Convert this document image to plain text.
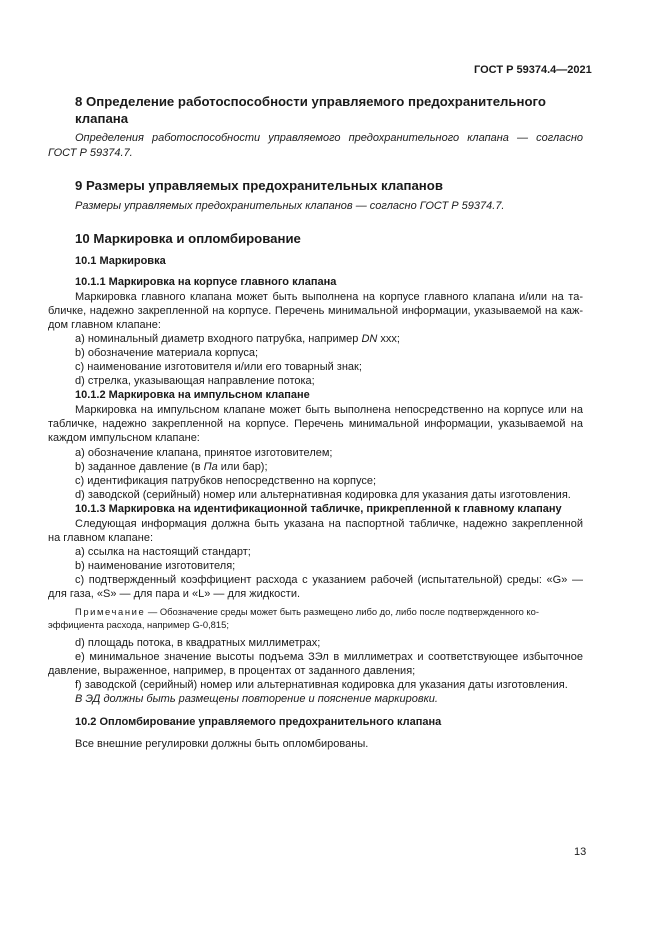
ГОСТ Р 59374.4—2021
8 Определение работоспособности управляемого предохранительного
клапана
Определения работоспособности управляемого предохранительного клапана — согласно
ГОСТ Р 59374.7.
9 Размеры управляемых предохранительных клапанов
Размеры управляемых предохранительных клапанов — согласно ГОСТ Р 59374.7.
10 Маркировка и опломбирование
10.1 Маркировка
10.1.1 Маркировка на корпусе главного клапана
Маркировка главного клапана может быть выполнена на корпусе главного клапана и/или на та-
бличке, надежно закрепленной на корпусе. Перечень минимальной информации, указываемой на каж-
дом главном клапане:
a) номинальный диаметр входного патрубка, например DN xxx;
b) обозначение материала корпуса;
c) наименование изготовителя и/или его товарный знак;
d) стрелка, указывающая направление потока;
10.1.2 Маркировка на импульсном клапане
Маркировка на импульсном клапане может быть выполнена непосредственно на корпусе или на
табличке, надежно закрепленной на корпусе. Перечень минимальной информации, указываемой на
каждом импульсном клапане:
a) обозначение клапана, принятое изготовителем;
b) заданное давление (в Па или бар);
c) идентификация патрубков непосредственно на корпусе;
d) заводской (серийный) номер или альтернативная кодировка для указания даты изготовления.
10.1.3 Маркировка на идентификационной табличке, прикрепленной к главному клапану
Следующая информация должна быть указана на паспортной табличке, надежно закрепленной
на главном клапане:
a) ссылка на настоящий стандарт;
b) наименование изготовителя;
c) подтвержденный коэффициент расхода с указанием рабочей (испытательной) среды: «G» —
для газа, «S» — для пара и «L» — для жидкости.
Примечание — Обозначение среды может быть размещено либо до, либо после подтвержденного ко-
эффициента расхода, например G-0,815;
d) площадь потока, в квадратных миллиметрах;
e) минимальное значение высоты подъема ЗЭл в миллиметрах и соответствующее избыточное
давление, выраженное, например, в процентах от заданного давления;
f) заводской (серийный) номер или альтернативная кодировка для указания даты изготовления.
В ЭД должны быть размещены повторение и пояснение маркировки.
10.2 Опломбирование управляемого предохранительного клапана
Все внешние регулировки должны быть опломбированы.
13
